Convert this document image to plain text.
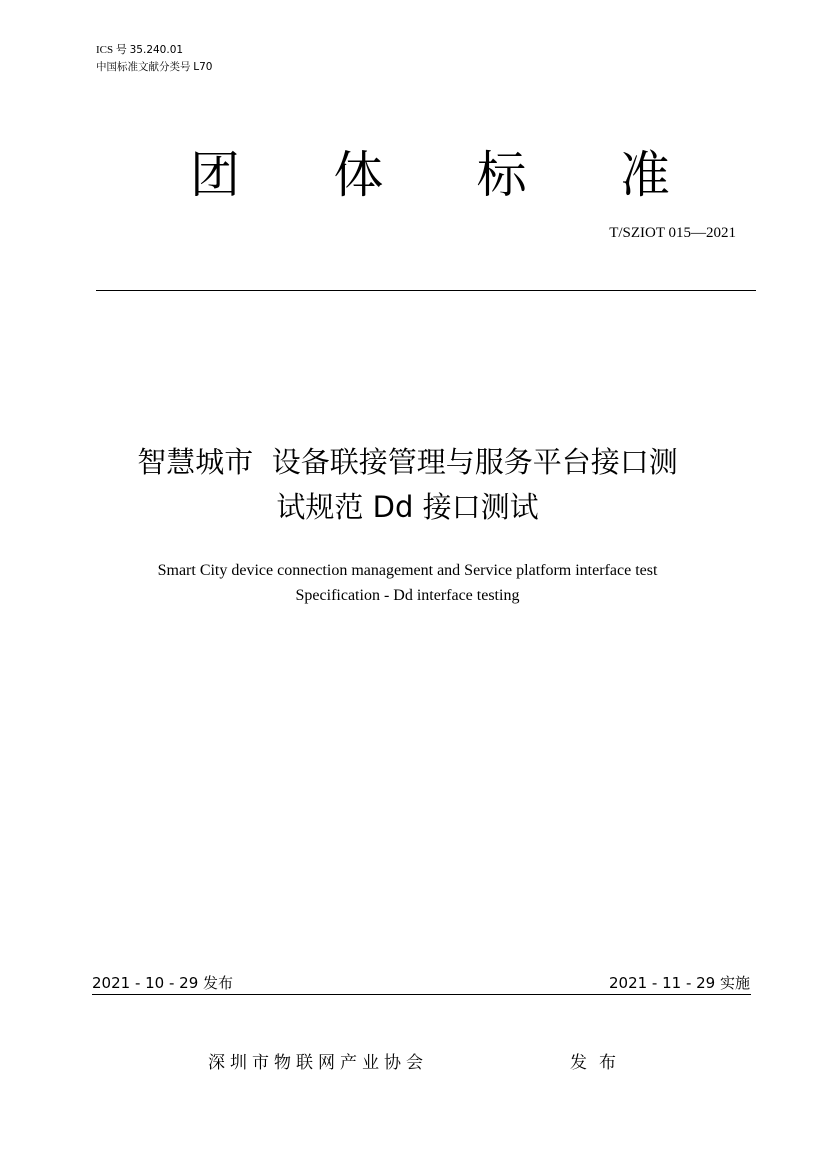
ICS 号 35.240.01
中国标准文献分类号 L70
团 体 标 准
T/SZIOT 015—2021
智慧城市  设备联接管理与服务平台接口测
试规范 Dd 接口测试
Smart City device connection management and Service platform interface test
Specification - Dd interface testing
2021 - 10 - 29 发布	2021 - 11 - 29 实施
深圳市物联网产业协会	发布
